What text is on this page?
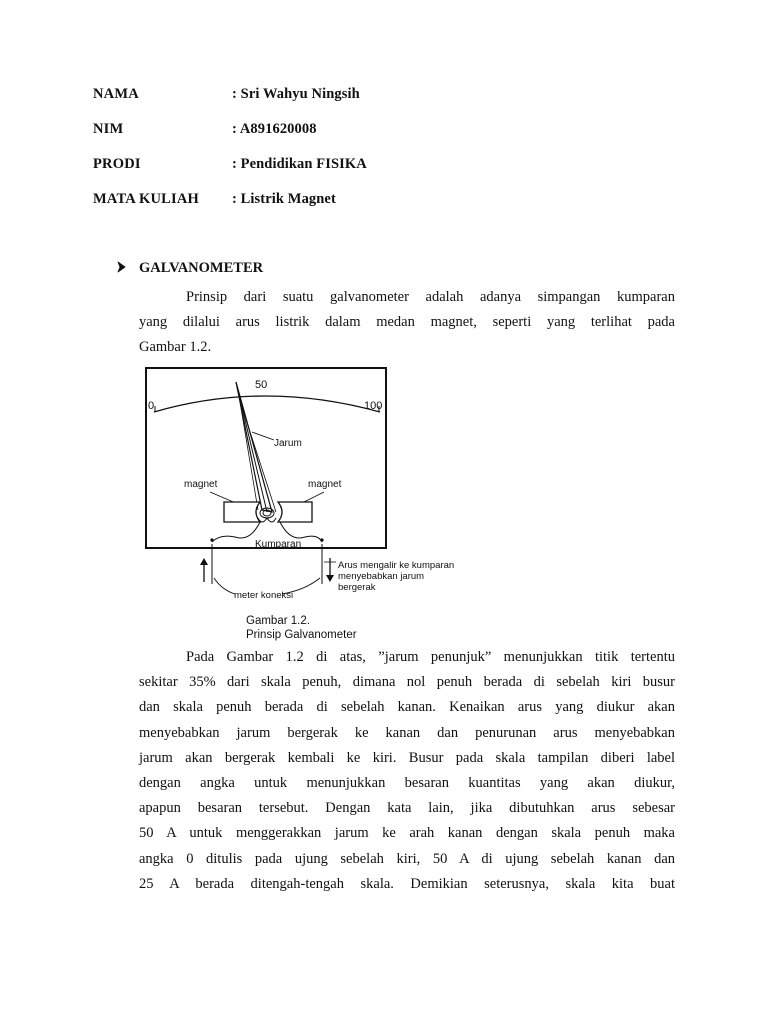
NAMA	: Sri Wahyu Ningsih
NIM	: A891620008
PRODI	: Pendidikan FISIKA
MATA KULIAH	: Listrik Magnet
GALVANOMETER
Prinsip dari suatu galvanometer adalah adanya simpangan kumparan
yang dilalui arus listrik dalam medan magnet, seperti yang terlihat pada
Gambar 1.2.
0
50
100
Jarum
magnet	magnet
Kumparan
Arus mengalir ke kumparan
menyebabkan jarum
bergerak
meter koneksi
Gambar 1.2.
Prinsip Galvanometer
Pada Gambar 1.2 di atas, ”jarum penunjuk” menunjukkan titik tertentu
sekitar 35% dari skala penuh, dimana nol penuh berada di sebelah kiri busur
dan skala penuh berada di sebelah kanan. Kenaikan arus yang diukur akan
menyebabkan jarum bergerak ke kanan dan penurunan arus menyebabkan
jarum akan bergerak kembali ke kiri. Busur pada skala tampilan diberi label
dengan angka untuk menunjukkan besaran kuantitas yang akan diukur,
apapun besaran tersebut. Dengan kata lain, jika dibutuhkan arus sebesar
50 A untuk menggerakkan jarum ke arah kanan dengan skala penuh maka
angka 0 ditulis pada ujung sebelah kiri, 50 A di ujung sebelah kanan dan
25 A berada ditengah-tengah skala. Demikian seterusnya, skala kita buat
